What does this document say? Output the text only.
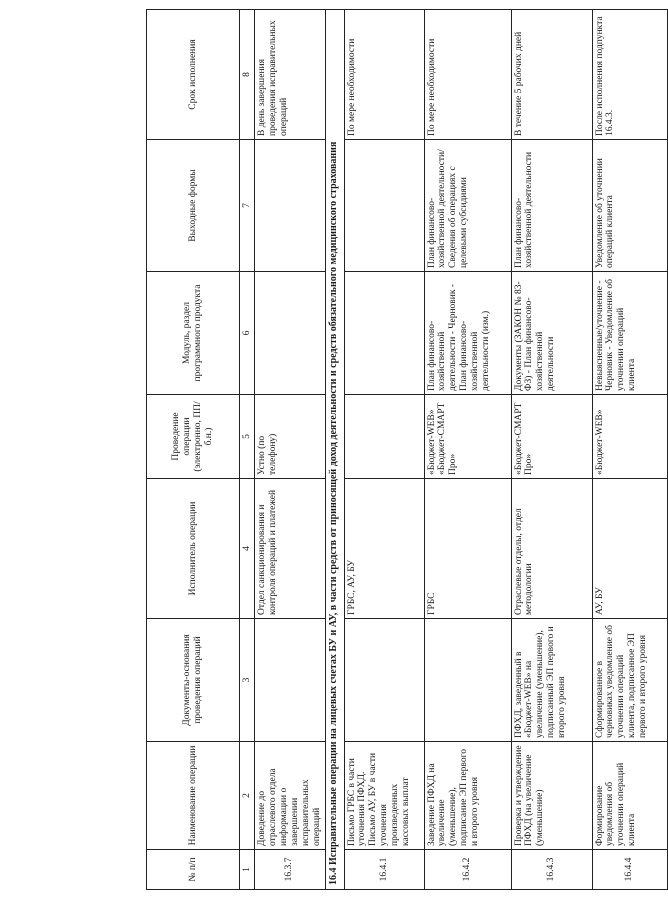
№ п/п	Наименование операции	Документы-основания проведения операций	Исполнитель операции	Проведение операции (электронно, ПП/б.н.)	Модуль, раздел программного продукта	Выходные формы	Срок исполнения
1	2	3	4	5	6	7	8
16.3.7	Доведение до отраслевого отдела информации о завершении исправительных операций		Отдел санкционирования и контроля операций и платежей	Устно (по телефону)			В день завершения проведения исправительных операций
16.4 Исправительные операции на лицевых счетах БУ и АУ, в части средств от приносящей доход деятельности и средств обязательного медицинского страхования							
16.4.1	Письмо ГРБС в части уточнения ПФХД. Письмо АУ, БУ в части уточнения произведенных кассовых выплат		ГРБС, АУ, БУ				По мере необходимости
16.4.2	Заведение ПФХД на увеличение (уменьшение), подписание ЭП первого и второго уровня		ГРБС	«Бюджет-WEB» «Бюджет-СМАРТ Про»	План финансово-хозяйственной деятельности - Черновик - План финансово-хозяйственной деятельности (изм.)	План финансово-хозяйственной деятельности/Сведения об операциях с целевыми субсидиями	По мере необходимости
16.4.3	Проверка и утверждение ПФХД (на увеличение (уменьшение)	ПФХД, заведенный в «Бюджет-WEB» на увеличение (уменьшение), подписанный ЭП первого и второго уровня	Отраслевые отделы, отдел методологии	«Бюджет-СМАРТ Про»	Документы (ЗАКОН № 83-ФЗ) - План финансово-хозяйственной деятельности	План финансово-хозяйственной деятельности	В течение 5 рабочих дней
16.4.4	Формирование уведомления об уточнении операций клиента	Сформированное в черновиках уведомление об уточнении операций клиента, подписанное ЭП первого и второго уровня	АУ, БУ	«Бюджет-WEB»	Невыясненные/уточнение - Черновик - Уведомление об уточнении операций клиента	Уведомление об уточнении операций клиента	После исполнения подпункта 16.4.3.
